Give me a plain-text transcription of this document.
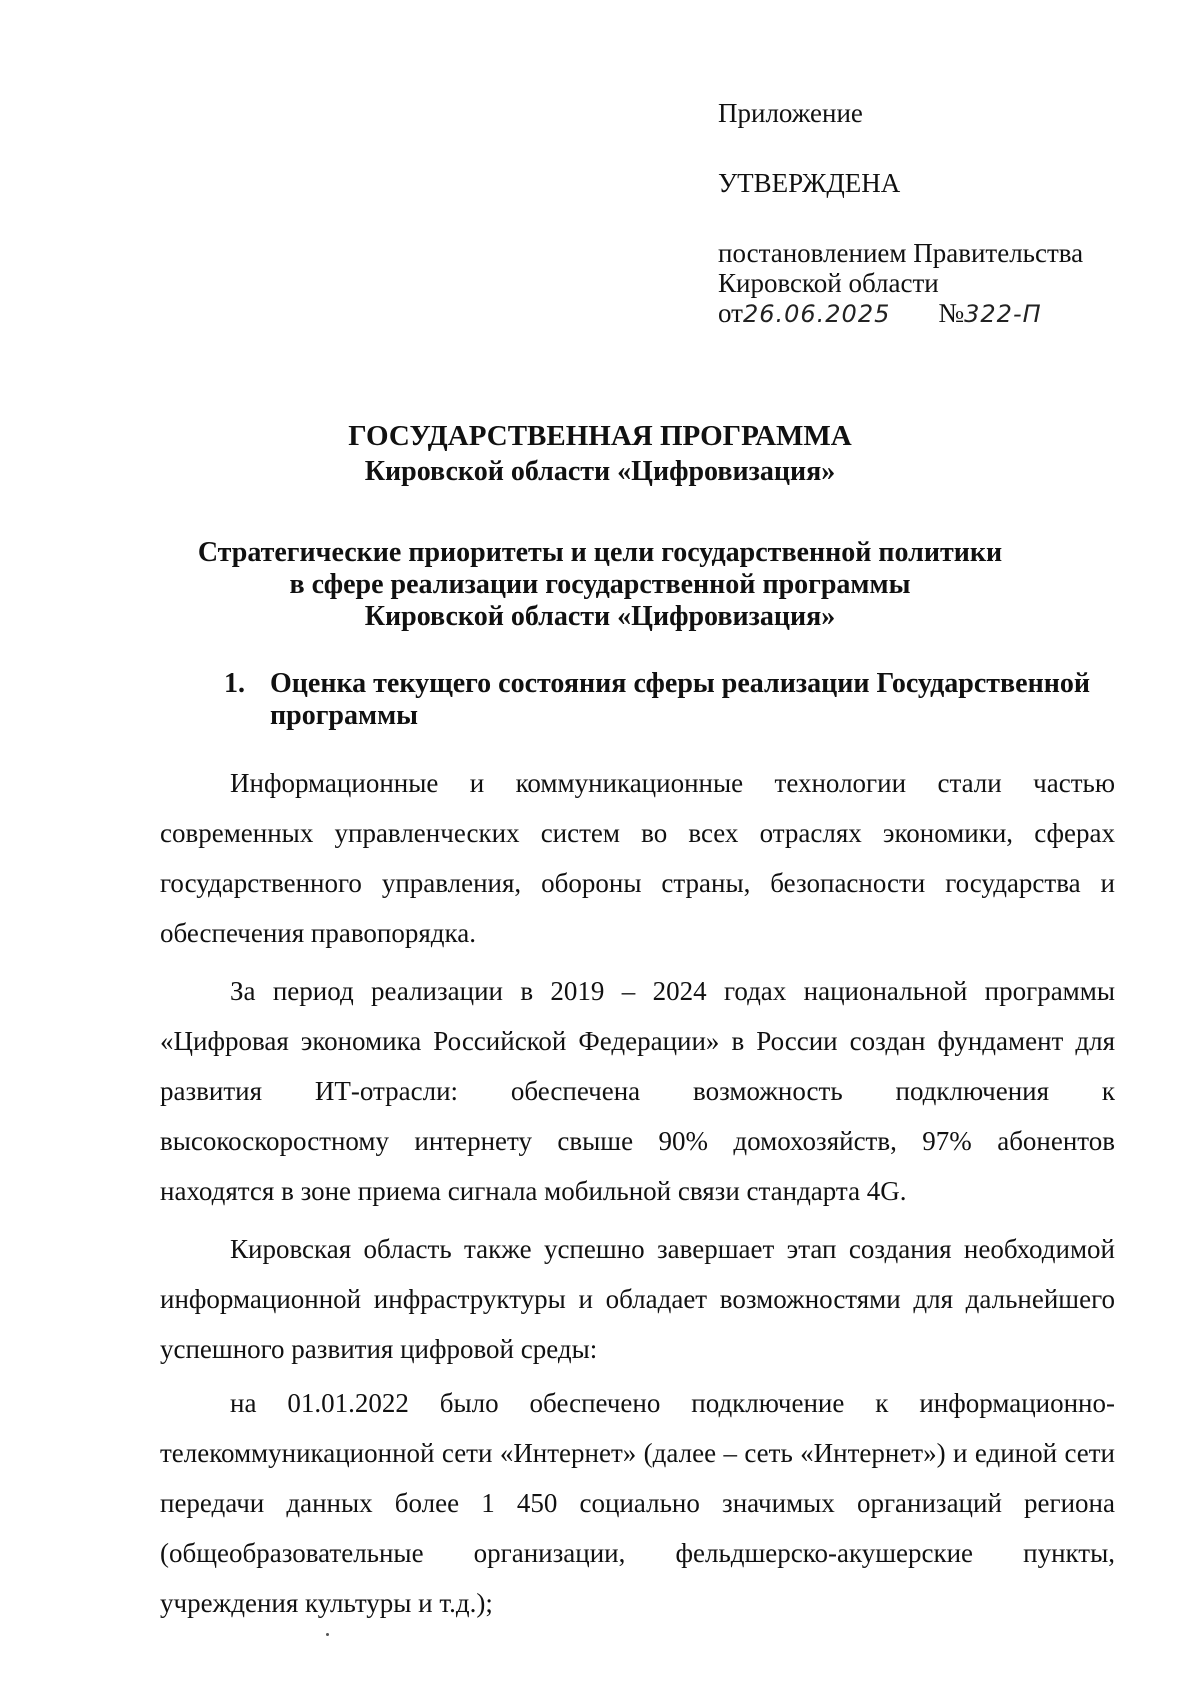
Приложение
УТВЕРЖДЕНА
постановлением Правительства
Кировской области
от 26.06.2025 № 322-П
ГОСУДАРСТВЕННАЯ ПРОГРАММА
Кировской области «Цифровизация»
Стратегические приоритеты и цели государственной политики
в сфере реализации государственной программы
Кировской области «Цифровизация»
1. Оценка текущего состояния сферы реализации Государственной программы

Информационные и коммуникационные технологии стали частью современных управленческих систем во всех отраслях экономики, сферах государственного управления, обороны страны, безопасности государства и обеспечения правопорядка.

За период реализации в 2019 – 2024 годах национальной программы «Цифровая экономика Российской Федерации» в России создан фундамент для развития ИТ-отрасли: обеспечена возможность подключения к высокоскоростному интернету свыше 90% домохозяйств, 97% абонентов находятся в зоне приема сигнала мобильной связи стандарта 4G.

Кировская область также успешно завершает этап создания необходимой информационной инфраструктуры и обладает возможностями для дальнейшего успешного развития цифровой среды:

на 01.01.2022 было обеспечено подключение к информационно-телекоммуникационной сети «Интернет» (далее – сеть «Интернет») и единой сети передачи данных более 1 450 социально значимых организаций региона (общеобразовательные организации, фельдшерско-акушерские пункты, учреждения культуры и т.д.);
